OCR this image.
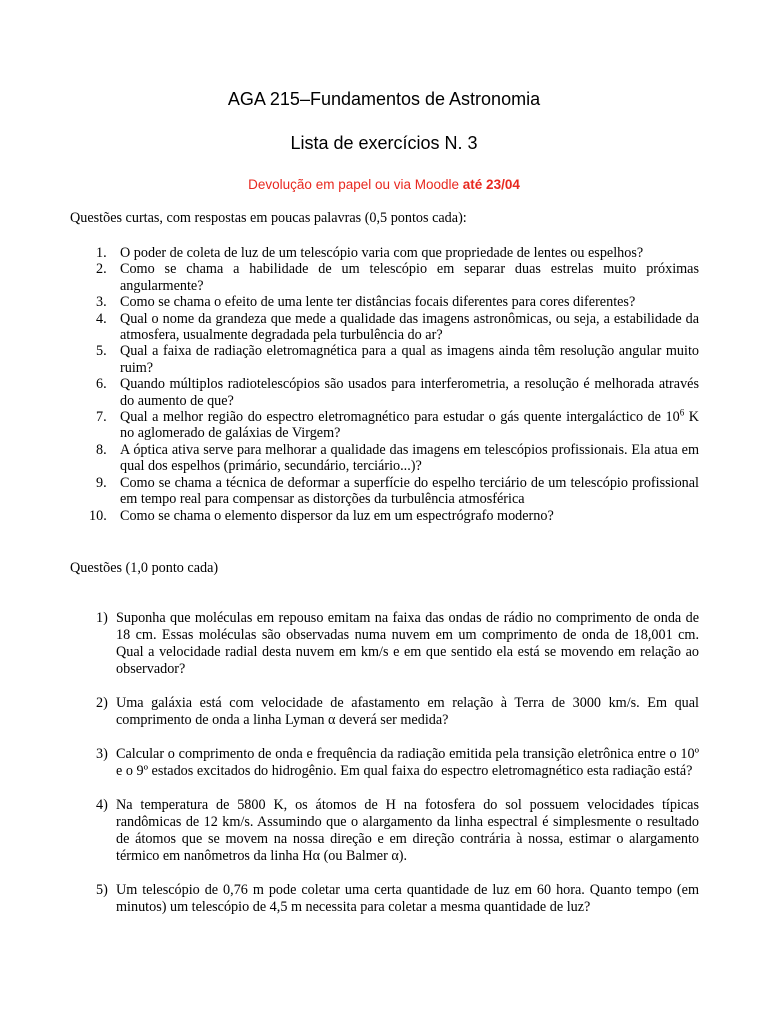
AGA 215–Fundamentos de Astronomia
Lista de exercícios N. 3
Devolução em papel ou via Moodle até 23/04
Questões curtas, com respostas em poucas palavras (0,5 pontos cada):
1. O poder de coleta de luz de um telescópio varia com que propriedade de lentes ou espelhos?
2. Como se chama a habilidade de um telescópio em separar duas estrelas muito próximas angularmente?
3. Como se chama o efeito de uma lente ter distâncias focais diferentes para cores diferentes?
4. Qual o nome da grandeza que mede a qualidade das imagens astronômicas, ou seja, a estabilidade da atmosfera, usualmente degradada pela turbulência do ar?
5. Qual a faixa de radiação eletromagnética para a qual as imagens ainda têm resolução angular muito ruim?
6. Quando múltiplos radiotelescópios são usados para interferometria, a resolução é melhorada através do aumento de que?
7. Qual a melhor região do espectro eletromagnético para estudar o gás quente intergaláctico de $10^6$ K no aglomerado de galáxias de Virgem?
8. A óptica ativa serve para melhorar a qualidade das imagens em telescópios profissionais. Ela atua em qual dos espelhos (primário, secundário, terciário...)?
9. Como se chama a técnica de deformar a superfície do espelho terciário de um telescópio profissional em tempo real para compensar as distorções da turbulência atmosférica
10. Como se chama o elemento dispersor da luz em um espectrógrafo moderno?
Questões (1,0 ponto cada)
1) Suponha que moléculas em repouso emitam na faixa das ondas de rádio no comprimento de onda de 18 cm. Essas moléculas são observadas numa nuvem em um comprimento de onda de 18,001 cm. Qual a velocidade radial desta nuvem em km/s e em que sentido ela está se movendo em relação ao observador?
2) Uma galáxia está com velocidade de afastamento em relação à Terra de 3000 km/s. Em qual comprimento de onda a linha Lyman α deverá ser medida?
3) Calcular o comprimento de onda e frequência da radiação emitida pela transição eletrônica entre o 10º e o 9º estados excitados do hidrogênio. Em qual faixa do espectro eletromagnético esta radiação está?
4) Na temperatura de 5800 K, os átomos de H na fotosfera do sol possuem velocidades típicas randômicas de 12 km/s. Assumindo que o alargamento da linha espectral é simplesmente o resultado de átomos que se movem na nossa direção e em direção contrária à nossa, estimar o alargamento térmico em nanômetros da linha Hα (ou Balmer α).
5) Um telescópio de 0,76 m pode coletar uma certa quantidade de luz em 60 hora. Quanto tempo (em minutos) um telescópio de 4,5 m necessita para coletar a mesma quantidade de luz?
